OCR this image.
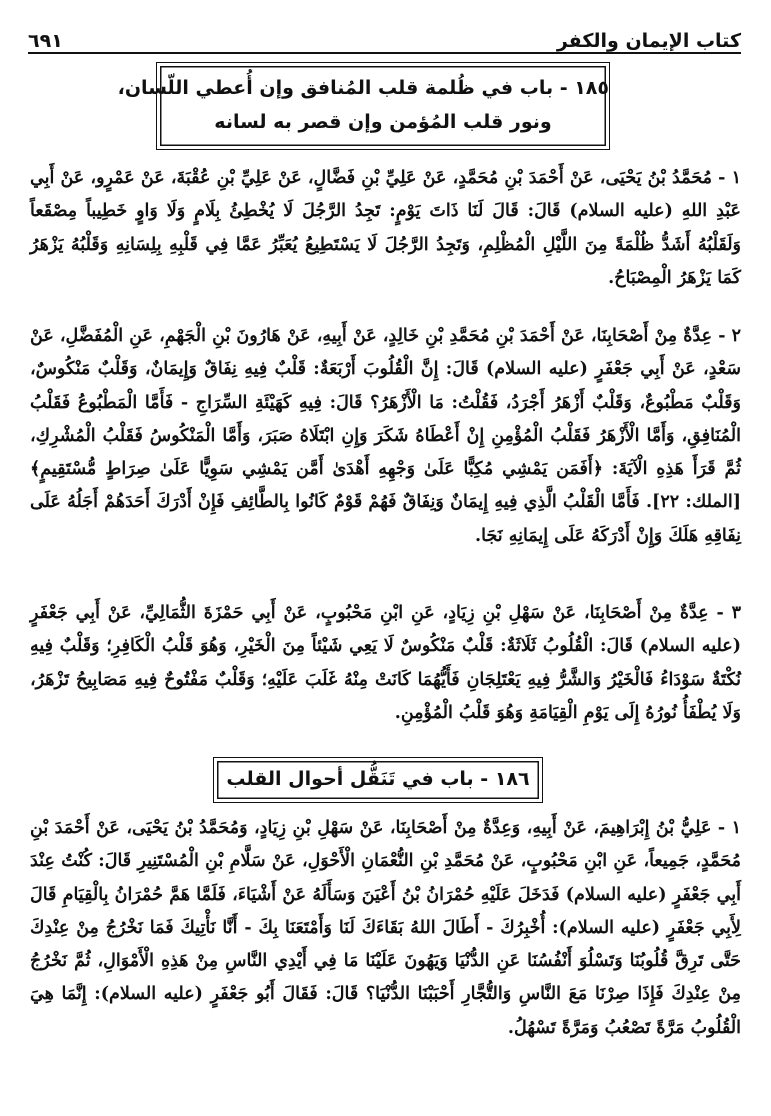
كتاب الإيمان والكفر
٦٩١
١٨٥ - باب في ظُلمة قلب المُنافق وإن أُعطي اللّسان،
ونور قلب المُؤمن وإن قصر به لسانه

١ - مُحَمَّدُ بْنُ يَحْيَى، عَنْ أَحْمَدَ بْنِ مُحَمَّدٍ، عَنْ عَلِيِّ بْنِ فَضَّالٍ، عَنْ عَلِيِّ بْنِ عُقْبَةَ، عَنْ عَمْرٍو، عَنْ أَبِي عَبْدِ اللهِ (عليه السلام) قَالَ: قَالَ لَنَا ذَاتَ يَوْمٍ: تَجِدُ الرَّجُلَ لَا يُخْطِئُ بِلَامٍ وَلَا وَاوٍ خَطِيباً مِصْقَعاً وَلَقَلْبُهُ أَشَدُّ ظُلْمَةً مِنَ اللَّيْلِ الْمُظْلِمِ، وَتَجِدُ الرَّجُلَ لَا يَسْتَطِيعُ يُعَبِّرُ عَمَّا فِي قَلْبِهِ بِلِسَانِهِ وَقَلْبُهُ يَزْهَرُ كَمَا يَزْهَرُ الْمِصْبَاحُ.

٢ - عِدَّةٌ مِنْ أَصْحَابِنَا، عَنْ أَحْمَدَ بْنِ مُحَمَّدِ بْنِ خَالِدٍ، عَنْ أَبِيهِ، عَنْ هَارُونَ بْنِ الْجَهْمِ، عَنِ الْمُفَضَّلِ، عَنْ سَعْدٍ، عَنْ أَبِي جَعْفَرٍ (عليه السلام) قَالَ: إِنَّ الْقُلُوبَ أَرْبَعَةٌ: قَلْبٌ فِيهِ نِفَاقٌ وَإِيمَانٌ، وَقَلْبٌ مَنْكُوسٌ، وَقَلْبٌ مَطْبُوعٌ، وَقَلْبٌ أَزْهَرُ أَجْرَدُ، فَقُلْتُ: مَا الْأَزْهَرُ؟ قَالَ: فِيهِ كَهَيْئَةِ السِّرَاجِ - فَأَمَّا الْمَطْبُوعُ فَقَلْبُ الْمُنَافِقِ، وَأَمَّا الْأَزْهَرُ فَقَلْبُ الْمُؤْمِنِ إِنْ أَعْطَاهُ شَكَرَ وَإِنِ ابْتَلَاهُ صَبَرَ، وَأَمَّا الْمَنْكُوسُ فَقَلْبُ الْمُشْرِكِ، ثُمَّ قَرَأَ هَذِهِ الْآيَةَ: ﴿أَفَمَن يَمْشِي مُكِبًّا عَلَىٰ وَجْهِهِ أَهْدَىٰ أَمَّن يَمْشِي سَوِيًّا عَلَىٰ صِرَاطٍ مُّسْتَقِيمٍ﴾ [الملك: ٢٢]. فَأَمَّا الْقَلْبُ الَّذِي فِيهِ إِيمَانٌ وَنِفَاقٌ فَهُمْ قَوْمٌ كَانُوا بِالطَّائِفِ فَإِنْ أَدْرَكَ أَحَدَهُمْ أَجَلُهُ عَلَى نِفَاقِهِ هَلَكَ وَإِنْ أَدْرَكَهُ عَلَى إِيمَانِهِ نَجَا.

٣ - عِدَّةٌ مِنْ أَصْحَابِنَا، عَنْ سَهْلِ بْنِ زِيَادٍ، عَنِ ابْنِ مَحْبُوبٍ، عَنْ أَبِي حَمْزَةَ الثُّمَالِيِّ، عَنْ أَبِي جَعْفَرٍ (عليه السلام) قَالَ: الْقُلُوبُ ثَلَاثَةٌ: قَلْبٌ مَنْكُوسٌ لَا يَعِي شَيْئاً مِنَ الْخَيْرِ، وَهُوَ قَلْبُ الْكَافِرِ؛ وَقَلْبٌ فِيهِ نُكْتَةٌ سَوْدَاءُ فَالْخَيْرُ وَالشَّرُّ فِيهِ يَعْتَلِجَانِ فَأَيُّهُمَا كَانَتْ مِنْهُ غَلَبَ عَلَيْهِ؛ وَقَلْبٌ مَفْتُوحٌ فِيهِ مَصَابِيحُ تَزْهَرُ، وَلَا يُطْفَأُ نُورُهُ إِلَى يَوْمِ الْقِيَامَةِ وَهُوَ قَلْبُ الْمُؤْمِنِ.

١٨٦ - باب في تَنَقُّل أحوال القلب

١ - عَلِيُّ بْنُ إِبْرَاهِيمَ، عَنْ أَبِيهِ، وَعِدَّةٌ مِنْ أَصْحَابِنَا، عَنْ سَهْلِ بْنِ زِيَادٍ، وَمُحَمَّدُ بْنُ يَحْيَى، عَنْ أَحْمَدَ بْنِ مُحَمَّدٍ، جَمِيعاً، عَنِ ابْنِ مَحْبُوبٍ، عَنْ مُحَمَّدِ بْنِ النُّعْمَانِ الْأَحْوَلِ، عَنْ سَلَّامِ بْنِ الْمُسْتَنِيرِ قَالَ: كُنْتُ عِنْدَ أَبِي جَعْفَرٍ (عليه السلام) فَدَخَلَ عَلَيْهِ حُمْرَانُ بْنُ أَعْيَنَ وَسَأَلَهُ عَنْ أَشْيَاءَ، فَلَمَّا هَمَّ حُمْرَانُ بِالْقِيَامِ قَالَ لِأَبِي جَعْفَرٍ (عليه السلام): أُخْبِرُكَ - أَطَالَ اللهُ بَقَاءَكَ لَنَا وَأَمْتَعَنَا بِكَ - أَنَّا نَأْتِيكَ فَمَا نَخْرُجُ مِنْ عِنْدِكَ حَتَّى تَرِقَّ قُلُوبُنَا وَتَسْلُوَ أَنْفُسُنَا عَنِ الدُّنْيَا وَيَهُونَ عَلَيْنَا مَا فِي أَيْدِي النَّاسِ مِنْ هَذِهِ الْأَمْوَالِ، ثُمَّ نَخْرُجُ مِنْ عِنْدِكَ فَإِذَا صِرْنَا مَعَ النَّاسِ وَالتُّجَّارِ أَحْبَبْنَا الدُّنْيَا؟ قَالَ: فَقَالَ أَبُو جَعْفَرٍ (عليه السلام): إِنَّمَا هِيَ الْقُلُوبُ مَرَّةً تَصْعُبُ وَمَرَّةً تَسْهُلُ.
